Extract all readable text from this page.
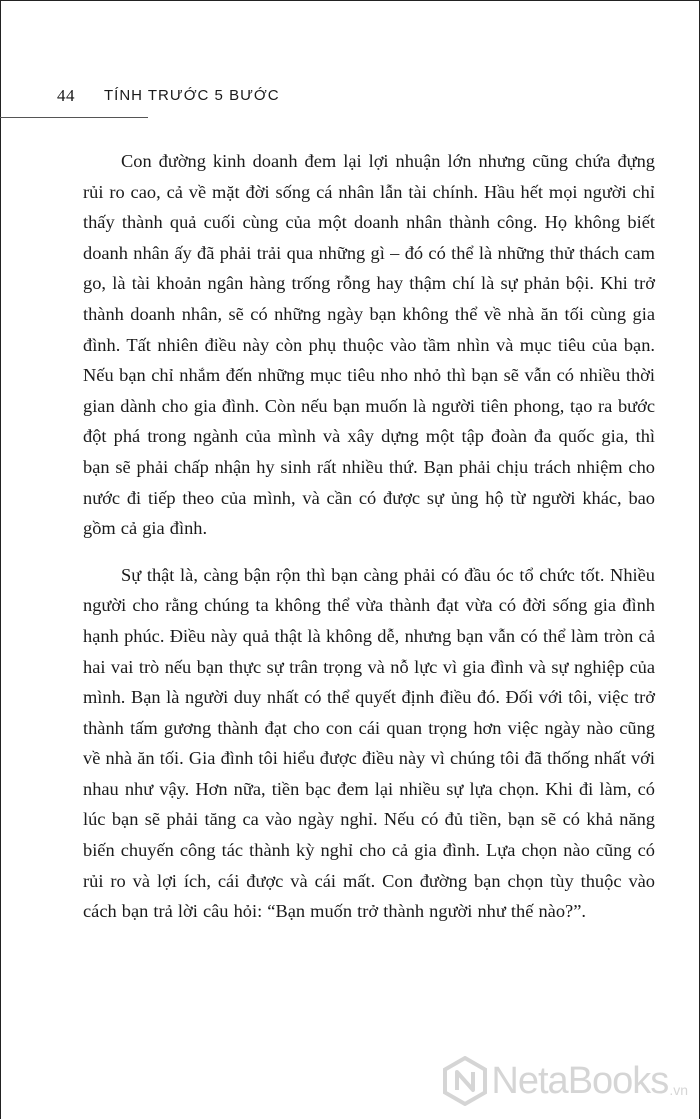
44 TÍNH TRƯỚC 5 BƯỚC

Con đường kinh doanh đem lại lợi nhuận lớn nhưng cũng chứa đựng rủi ro cao, cả về mặt đời sống cá nhân lẫn tài chính. Hầu hết mọi người chỉ thấy thành quả cuối cùng của một doanh nhân thành công. Họ không biết doanh nhân ấy đã phải trải qua những gì – đó có thể là những thử thách cam go, là tài khoản ngân hàng trống rỗng hay thậm chí là sự phản bội. Khi trở thành doanh nhân, sẽ có những ngày bạn không thể về nhà ăn tối cùng gia đình. Tất nhiên điều này còn phụ thuộc vào tầm nhìn và mục tiêu của bạn. Nếu bạn chỉ nhắm đến những mục tiêu nho nhỏ thì bạn sẽ vẫn có nhiều thời gian dành cho gia đình. Còn nếu bạn muốn là người tiên phong, tạo ra bước đột phá trong ngành của mình và xây dựng một tập đoàn đa quốc gia, thì bạn sẽ phải chấp nhận hy sinh rất nhiều thứ. Bạn phải chịu trách nhiệm cho nước đi tiếp theo của mình, và cần có được sự ủng hộ từ người khác, bao gồm cả gia đình.

Sự thật là, càng bận rộn thì bạn càng phải có đầu óc tổ chức tốt. Nhiều người cho rằng chúng ta không thể vừa thành đạt vừa có đời sống gia đình hạnh phúc. Điều này quả thật là không dễ, nhưng bạn vẫn có thể làm tròn cả hai vai trò nếu bạn thực sự trân trọng và nỗ lực vì gia đình và sự nghiệp của mình. Bạn là người duy nhất có thể quyết định điều đó. Đối với tôi, việc trở thành tấm gương thành đạt cho con cái quan trọng hơn việc ngày nào cũng về nhà ăn tối. Gia đình tôi hiểu được điều này vì chúng tôi đã thống nhất với nhau như vậy. Hơn nữa, tiền bạc đem lại nhiều sự lựa chọn. Khi đi làm, có lúc bạn sẽ phải tăng ca vào ngày nghỉ. Nếu có đủ tiền, bạn sẽ có khả năng biến chuyến công tác thành kỳ nghỉ cho cả gia đình. Lựa chọn nào cũng có rủi ro và lợi ích, cái được và cái mất. Con đường bạn chọn tùy thuộc vào cách bạn trả lời câu hỏi: “Bạn muốn trở thành người như thế nào?”.

NetaBooks .vn
